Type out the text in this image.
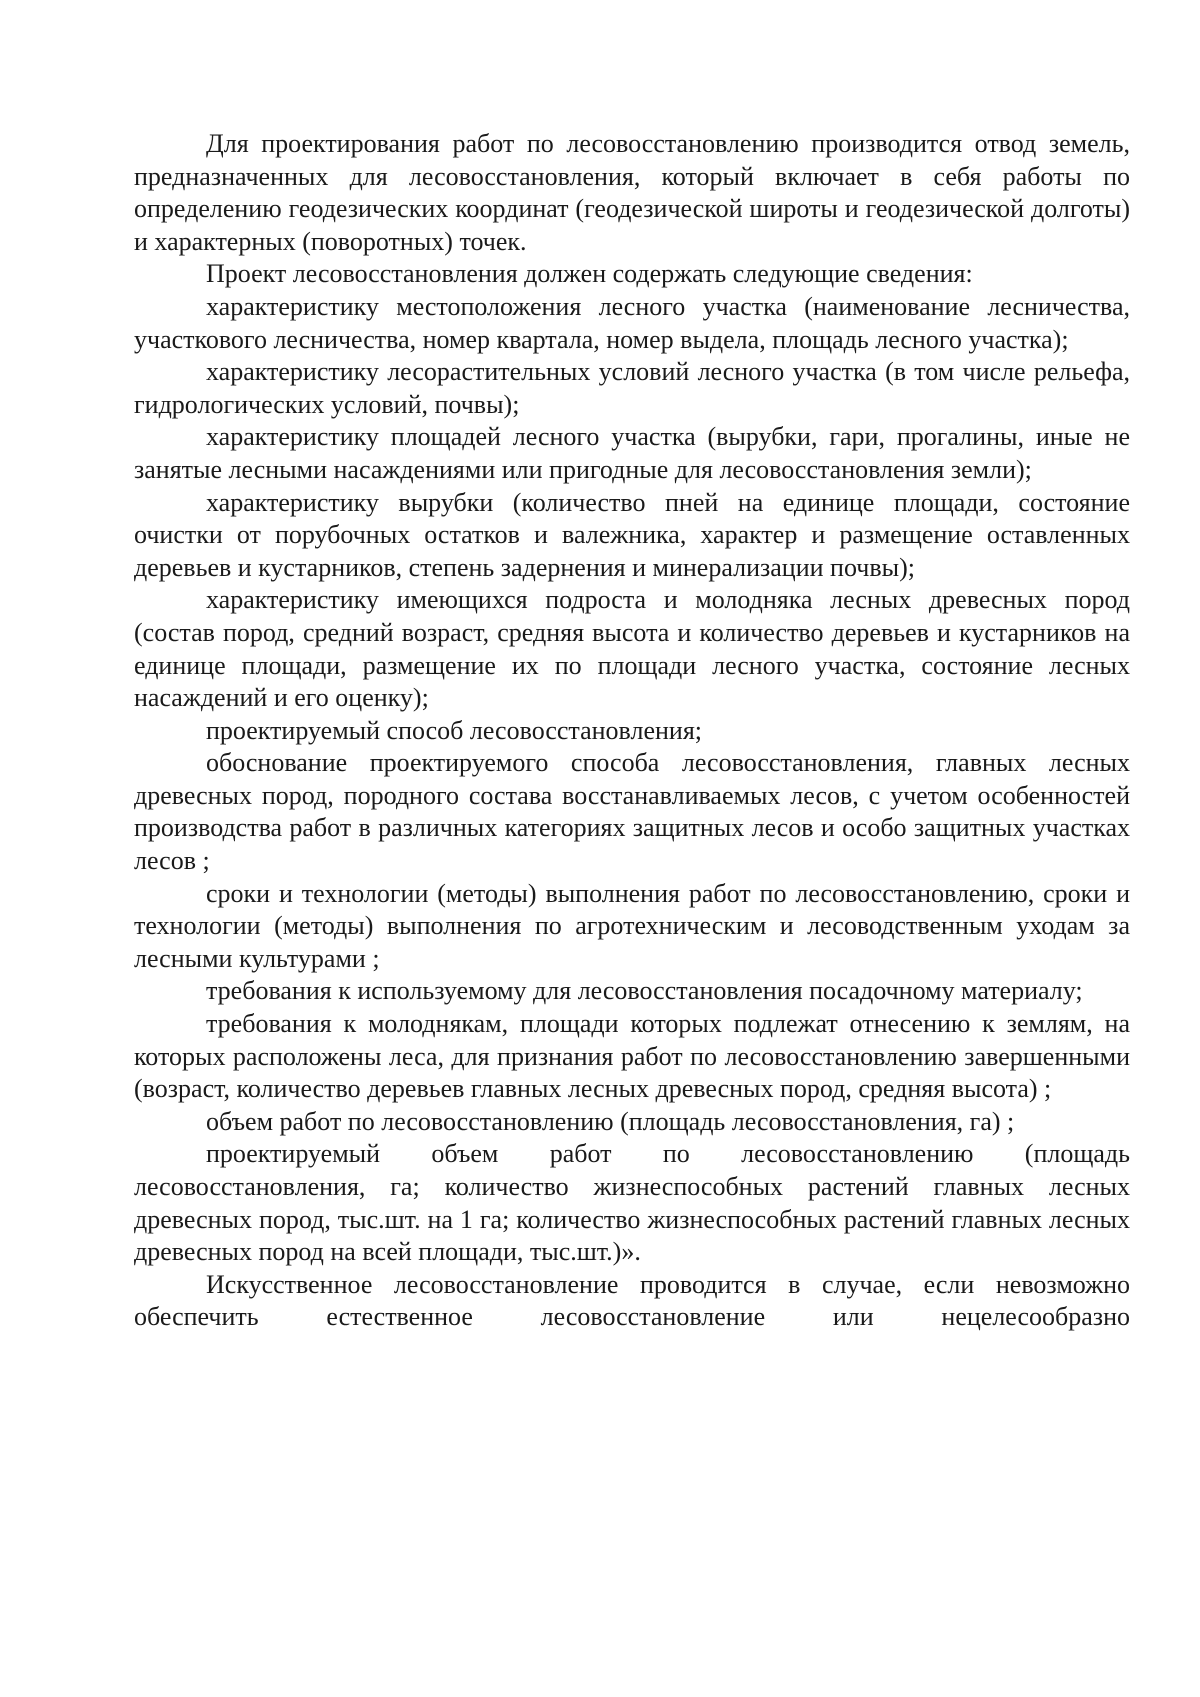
Для проектирования работ по лесовосстановлению производится отвод земель, предназначенных для лесовосстановления, который включает в себя работы по определению геодезических координат (геодезической широты и геодезической долготы) и характерных (поворотных) точек.

Проект лесовосстановления должен содержать следующие сведения:

характеристику местоположения лесного участка (наименование лесничества, участкового лесничества, номер квартала, номер выдела, площадь лесного участка);

характеристику лесорастительных условий лесного участка (в том числе рельефа, гидрологических условий, почвы);

характеристику площадей лесного участка (вырубки, гари, прогалины, иные не занятые лесными насаждениями или пригодные для лесовосстановления земли);

характеристику вырубки (количество пней на единице площади, состояние очистки от порубочных остатков и валежника, характер и размещение оставленных деревьев и кустарников, степень задернения и минерализации почвы);

характеристику имеющихся подроста и молодняка лесных древесных пород (состав пород, средний возраст, средняя высота и количество деревьев и кустарников на единице площади, размещение их по площади лесного участка, состояние лесных насаждений и его оценку);

проектируемый способ лесовосстановления;

обоснование проектируемого способа лесовосстановления, главных лесных древесных пород, породного состава восстанавливаемых лесов, с учетом особенностей производства работ в различных категориях защитных лесов и особо защитных участках лесов ;

сроки и технологии (методы) выполнения работ по лесовосстановлению, сроки и технологии (методы) выполнения по агротехническим и лесоводственным уходам за лесными культурами ;

требования к используемому для лесовосстановления посадочному материалу;

требования к молоднякам, площади которых подлежат отнесению к землям, на которых расположены леса, для признания работ по лесовосстановлению завершенными (возраст, количество деревьев главных лесных древесных пород, средняя высота) ;

объем работ по лесовосстановлению (площадь лесовосстановления, га) ;

проектируемый объем работ по лесовосстановлению (площадь лесовосстановления, га; количество жизнеспособных растений главных лесных древесных пород, тыс.шт. на 1 га; количество жизнеспособных растений главных лесных древесных пород на всей площади, тыс.шт.)».

Искусственное лесовосстановление проводится в случае, если невозможно обеспечить естественное лесовосстановление или нецелесообразно
